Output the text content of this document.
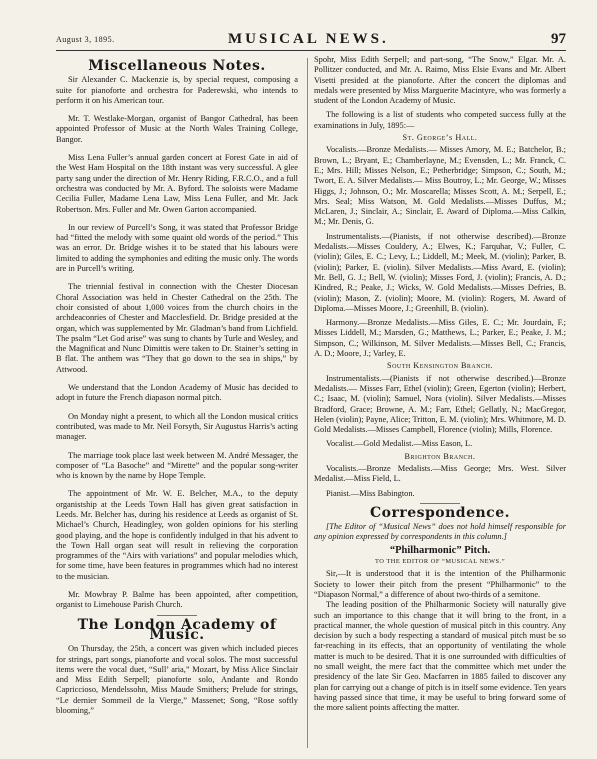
August 3, 1895.	MUSICAL NEWS.	97
Miscellaneous Notes.

Sir Alexander C. Mackenzie is, by special request, composing a suite for pianoforte and orchestra for Paderewski, who intends to perform it on his American tour.

Mr. T. Westlake-Morgan, organist of Bangor Cathedral, has been appointed Professor of Music at the North Wales Training College, Bangor.

Miss Lena Fuller’s annual garden concert at Forest Gate in aid of the West Ham Hospital on the 18th instant was very successful. A glee party sang under the direction of Mr. Henry Riding, F.R.C.O., and a full orchestra was conducted by Mr. A. Byford. The soloists were Madame Cecilia Fuller, Madame Lena Law, Miss Lena Fuller, and Mr. Jack Robertson. Mrs. Fuller and Mr. Owen Garton accompanied.

In our review of Purcell’s Song, it was stated that Professor Bridge had “fitted the melody with some quaint old words of the period.” This was an error. Dr. Bridge wishes it to be stated that his labours were limited to adding the symphonies and editing the music only. The words are in Purcell’s writing.

The triennial festival in connection with the Chester Diocesan Choral Association was held in Chester Cathedral on the 25th. The choir consisted of about 1,000 voices from the church choirs in the archdeaconries of Chester and Macclesfield. Dr. Bridge presided at the organ, which was supplemented by Mr. Gladman’s band from Lichfield. The psalm “Let God arise” was sung to chants by Turle and Wesley, and the Magnificat and Nunc Dimittis were taken to Dr. Stainer’s setting in B flat. The anthem was “They that go down to the sea in ships,” by Attwood.

We understand that the London Academy of Music has decided to adopt in future the French diapason normal pitch.

On Monday night a present, to which all the London musical critics contributed, was made to Mr. Neil Forsyth, Sir Augustus Harris’s acting manager.

The marriage took place last week between M. André Messager, the composer of “La Basoche” and “Mirette” and the popular song-writer who is known by the name by Hope Temple.

The appointment of Mr. W. E. Belcher, M.A., to the deputy organistship at the Leeds Town Hall has given great satisfaction in Leeds. Mr. Belcher has, during his residence at Leeds as organist of St. Michael’s Church, Headingley, won golden opinions for his sterling good playing, and the hope is confidently indulged in that his advent to the Town Hall organ seat will result in relieving the corporation programmes of the “Airs with variations” and popular melodies which, for some time, have been features in programmes which had no interest to the musician.

Mr. Mowbray P. Balme has been appointed, after competition, organist to Limehouse Parish Church.

The London Academy of Music.

On Thursday, the 25th, a concert was given which included pieces for strings, part songs, pianoforte and vocal solos. The most successful items were the vocal duet, “Sull’ aria,” Mozart, by Miss Alice Sinclair and Miss Edith Serpell; pianoforte solo, Andante and Rondo Capriccioso, Mendelssohn, Miss Maude Smithers; Prelude for strings, “Le dernier Sommeil de la Vierge,” Massenet; Song, “Rose softly blooming,”

Spohr, Miss Edith Serpell; and part-song, “The Snow,” Elgar. Mr. A. Pollitzer conducted, and Mr. A. Raimo, Miss Elsie Evans and Mr. Albert Visetti presided at the pianoforte. After the concert the diplomas and medals were presented by Miss Marguerite Macintyre, who was formerly a student of the London Academy of Music.

The following is a list of students who competed success fully at the examinations in July, 1895:—

St. George’s Hall.

Vocalists.—Bronze Medalists.— Misses Amory, M. E.; Batchelor, B.; Brown, L.; Bryant, E.; Chamberlayne, M.; Evensden, L.; Mr. Franck, C. E.; Mrs. Hill; Misses Nelson, E.; Petherbridge; Simpson, C.; South, M.; Twort, E. A. Silver Medalists.— Miss Boutroy, L.; Mr. George, W.; Misses Higgs, J.; Johnson, O.; Mr. Moscarella; Misses Scott, A. M.; Serpell, E.; Mrs. Seal; Miss Watson, M. Gold Medalists.—Misses Duffus, M.; McLaren, J.; Sinclair, A.; Sinclair, E. Award of Diploma.—Miss Calkin, M.; Mr. Denis, G.

Instrumentalists.—(Pianists, if not otherwise described).—Bronze Medalists.—Misses Couldery, A.; Elwes, K.; Farquhar, V.; Fuller, C. (violin); Giles, E. C.; Levy, L.; Liddell, M.; Meek, M. (violin); Parker, B. (violin); Parker, E. (violin). Silver Medalists.—Miss Avard, E. (violin); Mr. Bell, G. J.; Bell, W. (violin); Misses Ford, J. (violin); Francis, A. D.; Kindred, R.; Peake, J.; Wicks, W. Gold Medalists.—Misses Defries, B. (violin); Mason, Z. (violin); Moore, M. (violin): Rogers, M. Award of Diploma.—Misses Moore, J.; Greenhill, B. (violin).

Harmony.—Bronze Medalists.—Miss Giles, E. C.; Mr. Jourdain, F.; Misses Liddell, M.; Marsden, G.; Matthews, L.; Parker, E.; Peake, J. M.; Simpson, C.; Wilkinson, M. Silver Medalists.—Misses Bell, C.; Francis, A. D.; Moore, J.; Varley, E.

South Kensington Branch.

Instrumentalists.—(Pianists if not otherwise described.)—Bronze Medalists.— Misses Farr, Ethel (violin); Green, Egerton (violin); Herbert, C.; Isaac, M. (violin); Samuel, Nora (violin). Silver Medalists.—Misses Bradford, Grace; Browne, A. M.; Farr, Ethel; Gellatly, N.; MacGregor, Helen (violin); Payne, Alice; Tritton, E. M. (violin); Mrs. Whitmore, M. D. Gold Medalists.—Misses Campbell, Florence (violin); Mills, Florence.

Vocalist.—Gold Medalist.—Miss Eason, L.

Brighton Branch.

Vocalists.—Bronze Medalists.—Miss George; Mrs. West. Silver Medalist.—Miss Field, L.

Pianist.—Miss Babington.

Correspondence.

[The Editor of “Musical News” does not hold himself responsible for any opinion expressed by correspondents in this column.]

“Philharmonic” Pitch.
TO THE EDITOR OF “MUSICAL NEWS.”

Sir,—It is understood that it is the intention of the Philharmonic Society to lower their pitch from the present “Philharmonic” to the “Diapason Normal,” a difference of about two-thirds of a semitone.

The leading position of the Philharmonic Society will naturally give such an importance to this change that it will bring to the front, in a practical manner, the whole question of musical pitch in this country. Any decision by such a body respecting a standard of musical pitch must be so far-reaching in its effects, that an opportunity of ventilating the whole matter is much to be desired. That it is one surrounded with difficulties of no small weight, the mere fact that the committee which met under the presidency of the late Sir Geo. Macfarren in 1885 failed to discover any plan for carrying out a change of pitch is in itself some evidence. Ten years having passed since that time, it may be useful to bring forward some of the more salient points affecting the matter.
